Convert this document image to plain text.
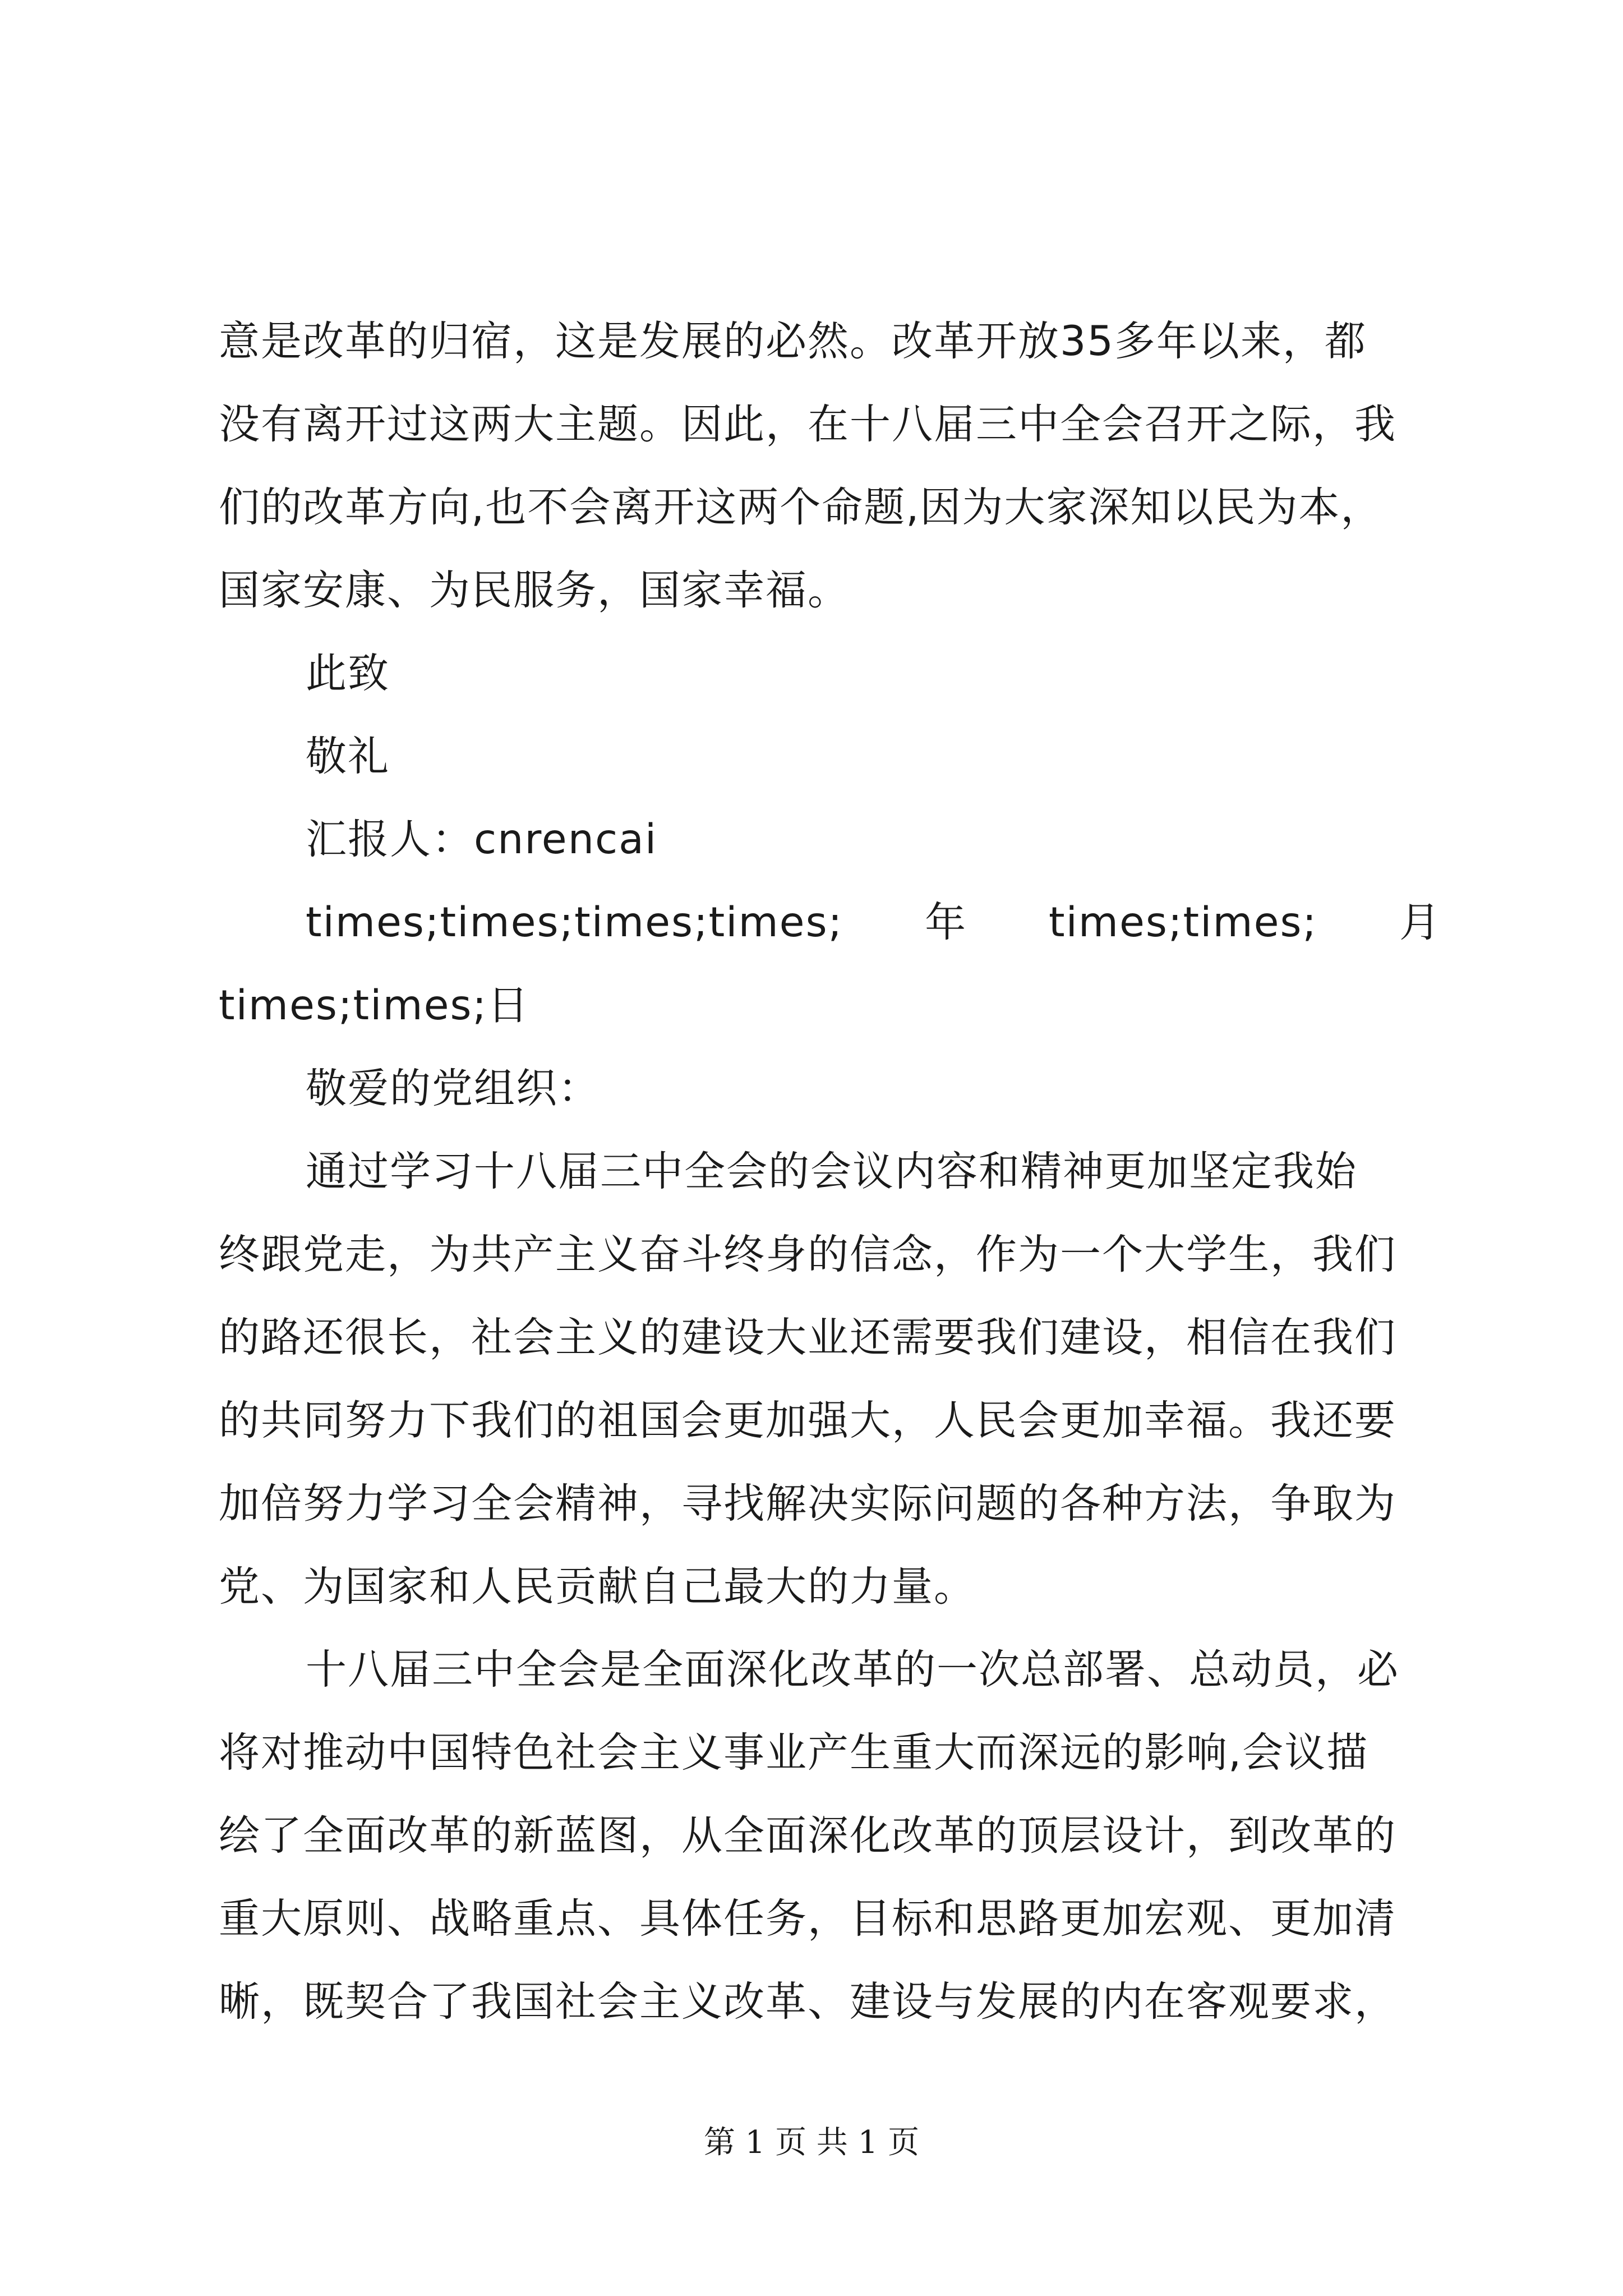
意是改革的归宿，这是发展的必然。改革开放35多年以来，都
没有离开过这两大主题。因此，在十八届三中全会召开之际，我
们的改革方向,也不会离开这两个命题,因为大家深知以民为本，
国家安康、为民服务，国家幸福。
此致
敬礼
汇报人：cnrencai
times;times;times;times; 年 times;times; 月
times;times;日
敬爱的党组织：
通过学习十八届三中全会的会议内容和精神更加坚定我始
终跟党走，为共产主义奋斗终身的信念，作为一个大学生，我们
的路还很长，社会主义的建设大业还需要我们建设，相信在我们
的共同努力下我们的祖国会更加强大，人民会更加幸福。我还要
加倍努力学习全会精神，寻找解决实际问题的各种方法，争取为
党、为国家和人民贡献自己最大的力量。
十八届三中全会是全面深化改革的一次总部署、总动员，必
将对推动中国特色社会主义事业产生重大而深远的影响,会议描
绘了全面改革的新蓝图，从全面深化改革的顶层设计，到改革的
重大原则、战略重点、具体任务，目标和思路更加宏观、更加清
晰，既契合了我国社会主义改革、建设与发展的内在客观要求，
第 1 页 共 1 页
